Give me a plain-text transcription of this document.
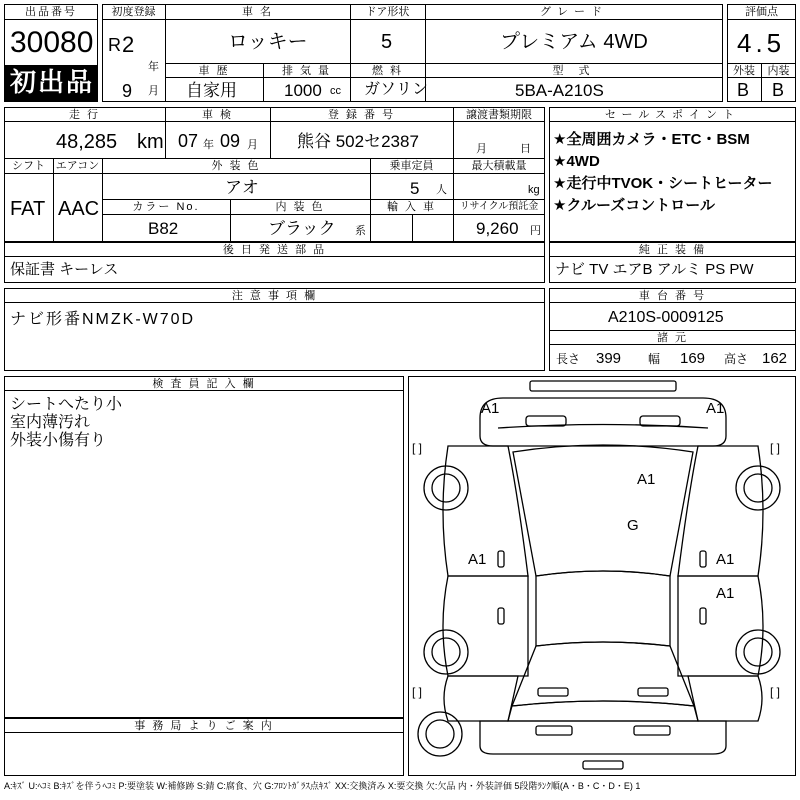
出品番号
30080
初出品
初度登録
R 2
年
9 月
車 名
ロッキー
ドア形状
5
グレード
プレミアム 4WD
車 歴
自家用
排 気 量
1000 cc
燃 料
ガソリン
型 式
5BA-A210S
評価点
4.5
外装	内装
B B
走 行
48,285 km
車 検
07 年 09 月
登 録 番 号
熊谷 502セ2387
譲渡書類期限
月	日
シフト
FAT
エアコン
AAC
外 装 色
アオ
乗車定員
5 人
最大積載量
kg
カラー No.
B82
内 装 色
ブラック 系
輸 入 車	リサイクル預託金
9,260 円
後 日 発 送 部 品
保証書 キーレス
セールスポイント
★全周囲カメラ・ETC・BSM
★4WD
★走行中TVOK・シートヒーター
★クルーズコントロール
純 正 装 備
ナビ TV エアB アルミ PS PW
注 意 事 項 欄
ナビ形番NMZK-W70D
車 台 番 号
A210S-0009125
諸 元
長さ 399 幅 169 高さ 162
検 査 員 記 入 欄
シートへたり小
室内薄汚れ
外装小傷有り
事 務 局 よ り ご 案 内
[ ]	[ ]
[ ]	[ ]
A1	A1
A1
G
A1	A1
A1
A:ｷｽﾞ U:ﾍｺﾐ B:ｷｽﾞを伴うﾍｺﾐ P:要塗装 W:補修跡 S:錆 C:腐食、穴 G:ﾌﾛﾝﾄｶﾞﾗｽ点ｷｽﾞ XX:交換済み X:要交換 欠:欠品 内・外装評価 5段階ﾗﾝｸ順(A・B・C・D・E) 1
